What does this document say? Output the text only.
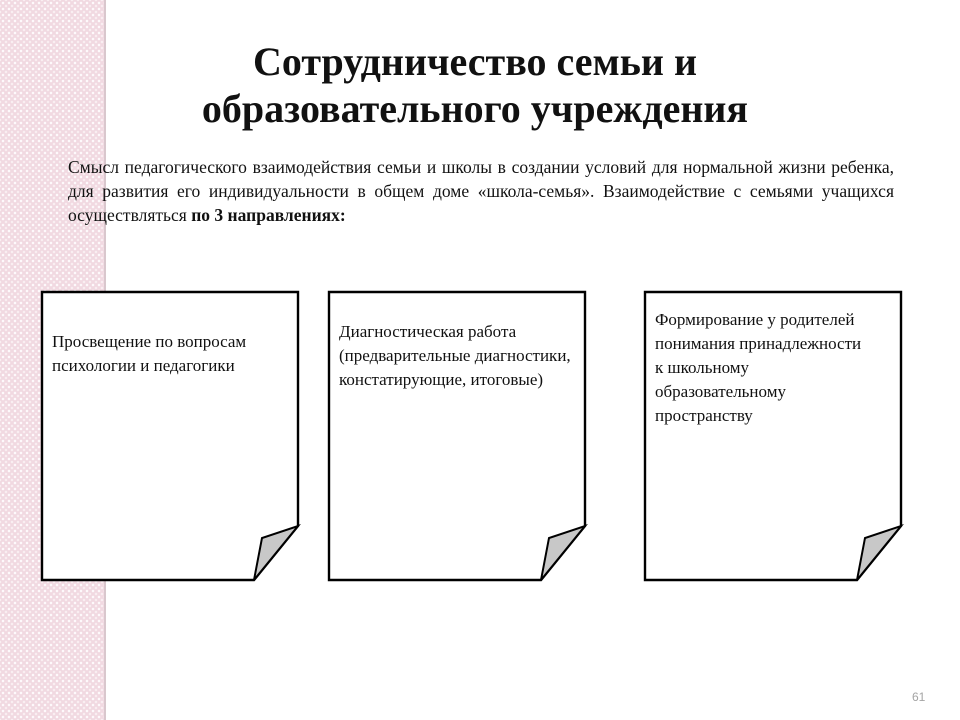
Сотрудничество семьи и
образовательного учреждения

Смысл педагогического взаимодействия семьи и школы в создании условий для нормальной жизни ребенка, для развития его индивидуальности в общем доме «школа-семья». Взаимодействие с семьями учащихся осуществляться по 3 направлениях:

Просвещение по вопросам психологии и педагогики
Диагностическая работа (предварительные диагностики, констатирующие, итоговые)
Формирование у родителей понимания принадлежности к школьному образовательному пространству
61
